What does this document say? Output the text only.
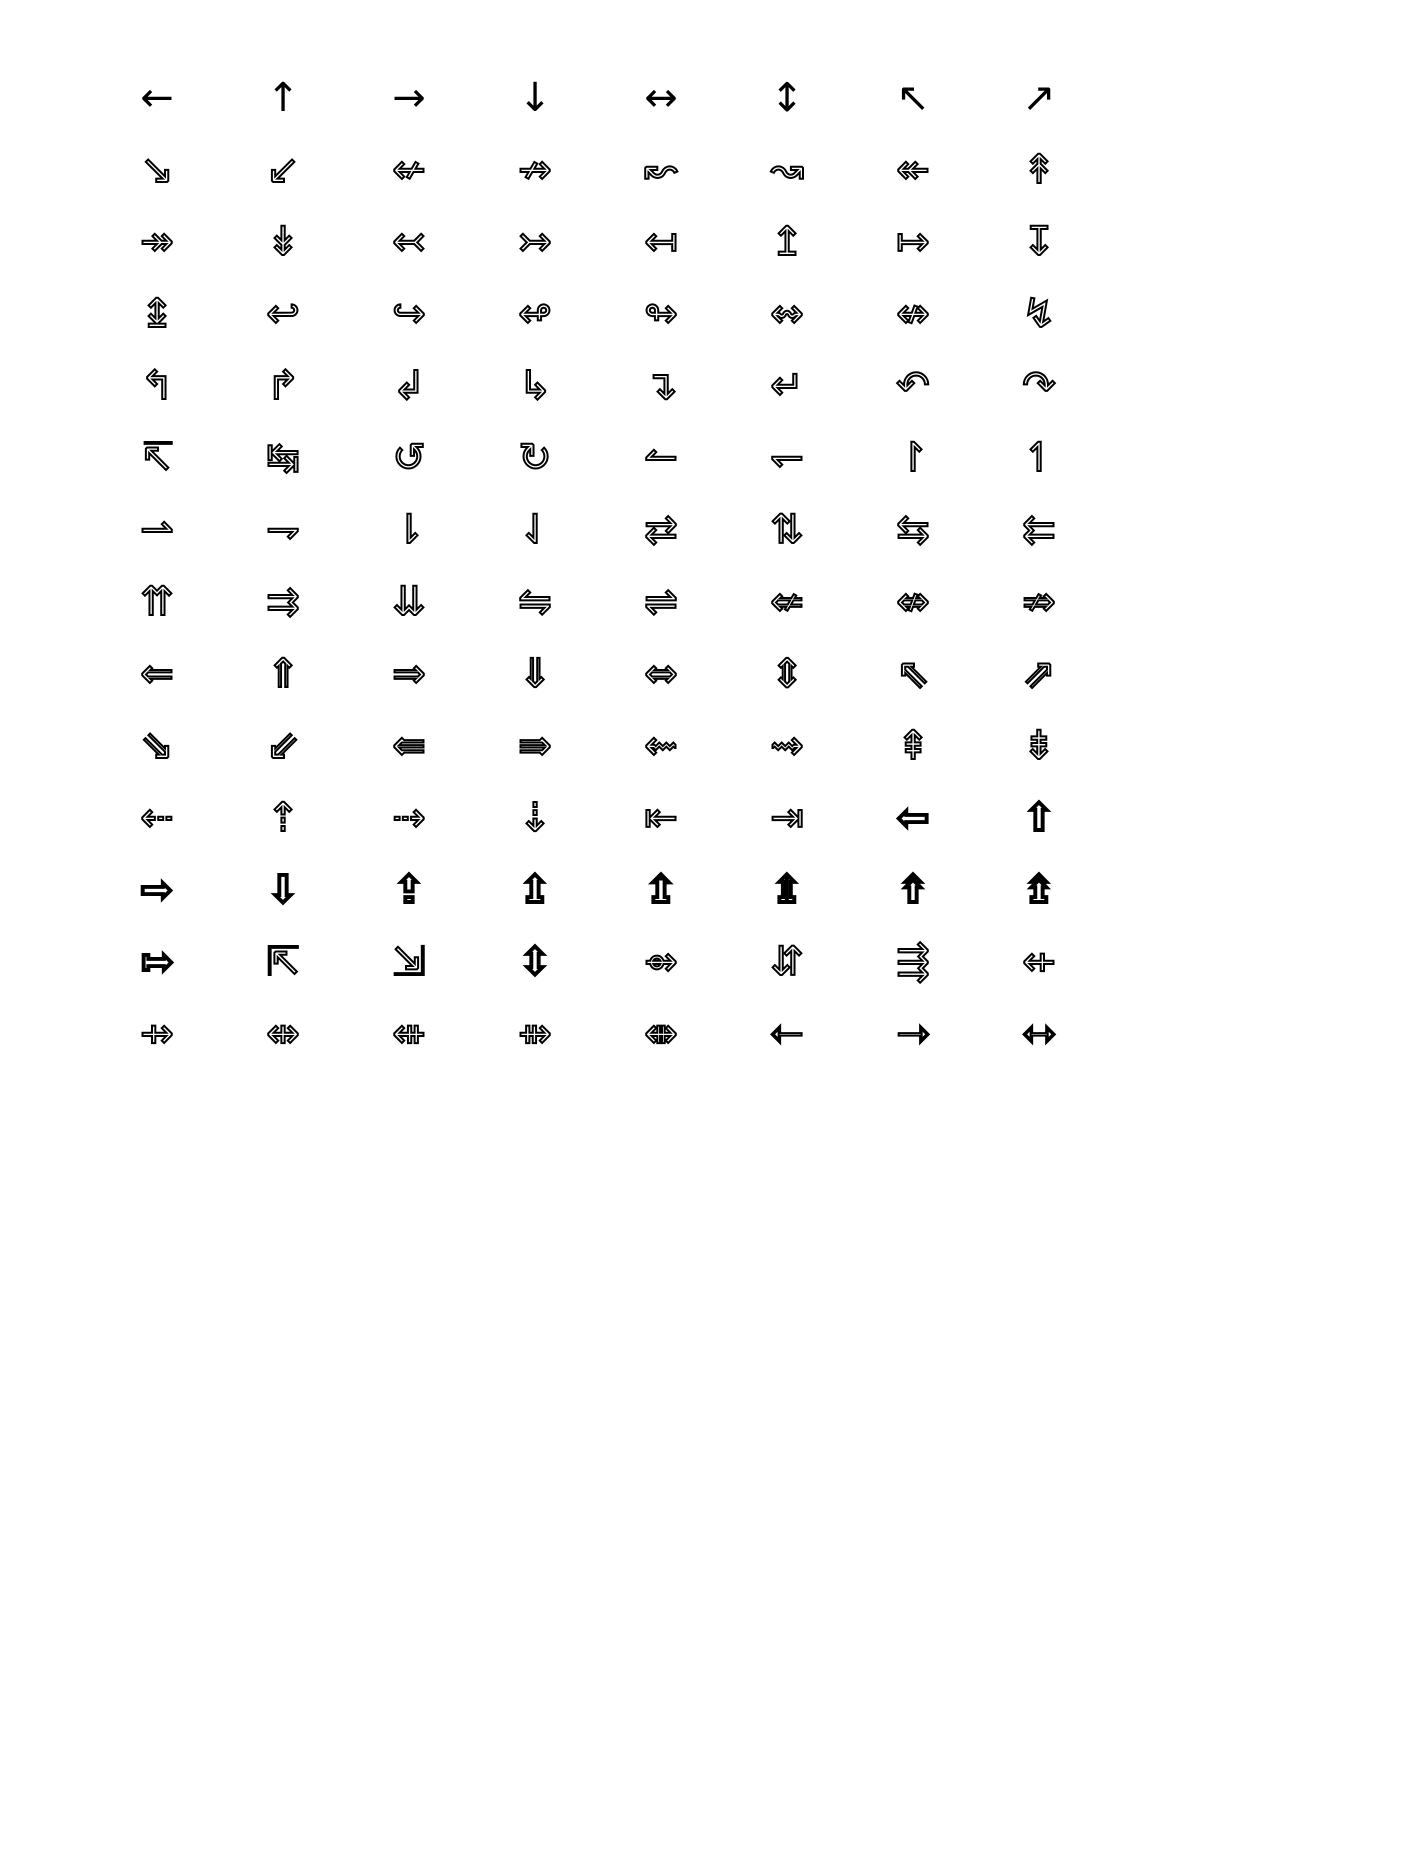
← ↑ → ↓ ↔ ↕ ↖ ↗
↘ ↙ ↚ ↛ ↜ ↝ ↞ ↟
↠ ↡ ↢ ↣ ↤ ↥ ↦ ↧
↨ ↩ ↪ ↫ ↬ ↭ ↮ ↯
↰ ↱ ↲ ↳ ↴ ↵ ↶ ↷
↸ ↹ ↺ ↻ ↼ ↽ ↾ ↿
⇀ ⇁ ⇂ ⇃ ⇄ ⇅ ⇆ ⇇
⇈ ⇉ ⇊ ⇋ ⇌ ⇍ ⇎ ⇏
⇐ ⇑ ⇒ ⇓ ⇔ ⇕ ⇖ ⇗
⇘ ⇙ ⇚ ⇛ ⇜ ⇝ ⇞ ⇟
⇠ ⇡ ⇢ ⇣ ⇤ ⇥ ⇦ ⇧
⇨ ⇩ ⇪ ⇫ ⇬ ⇭ ⇮ ⇯
⇰ ⇱ ⇲ ⇳ ⇴ ⇵ ⇶ ⇷
⇸ ⇹ ⇺ ⇻ ⇼ ⇽ ⇾ ⇿
